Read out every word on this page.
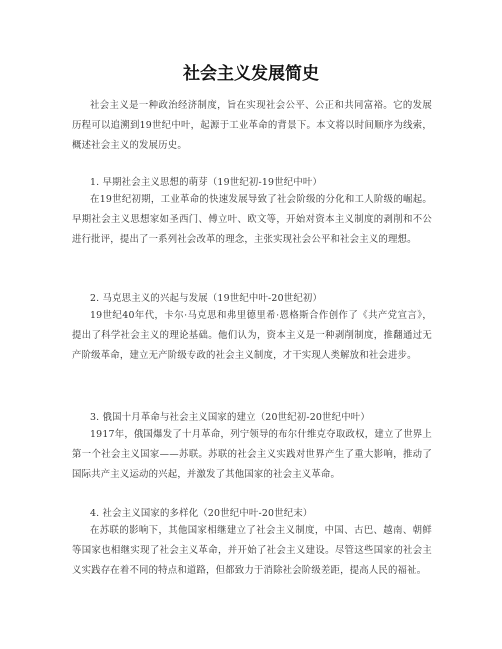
社会主义发展简史

社会主义是一种政治经济制度，旨在实现社会公平、公正和共同富裕。它的发展历程可以追溯到19世纪中叶，起源于工业革命的背景下。本文将以时间顺序为线索，概述社会主义的发展历史。

1. 早期社会主义思想的萌芽（19世纪初-19世纪中叶）

在19世纪初期，工业革命的快速发展导致了社会阶级的分化和工人阶级的崛起。早期社会主义思想家如圣西门、傅立叶、欧文等，开始对资本主义制度的剥削和不公进行批评，提出了一系列社会改革的理念，主张实现社会公平和社会主义的理想。

2. 马克思主义的兴起与发展（19世纪中叶-20世纪初）

19世纪40年代，卡尔·马克思和弗里德里希·恩格斯合作创作了《共产党宣言》，提出了科学社会主义的理论基础。他们认为，资本主义是一种剥削制度，推翻通过无产阶级革命，建立无产阶级专政的社会主义制度，才干实现人类解放和社会进步。

3. 俄国十月革命与社会主义国家的建立（20世纪初-20世纪中叶）

1917年，俄国爆发了十月革命，列宁领导的布尔什维克夺取政权，建立了世界上第一个社会主义国家——苏联。苏联的社会主义实践对世界产生了重大影响，推动了国际共产主义运动的兴起，并激发了其他国家的社会主义革命。

4. 社会主义国家的多样化（20世纪中叶-20世纪末）

在苏联的影响下，其他国家相继建立了社会主义制度，中国、古巴、越南、朝鲜等国家也相继实现了社会主义革命，并开始了社会主义建设。尽管这些国家的社会主义实践存在着不同的特点和道路，但都致力于消除社会阶级差距，提高人民的福祉。
